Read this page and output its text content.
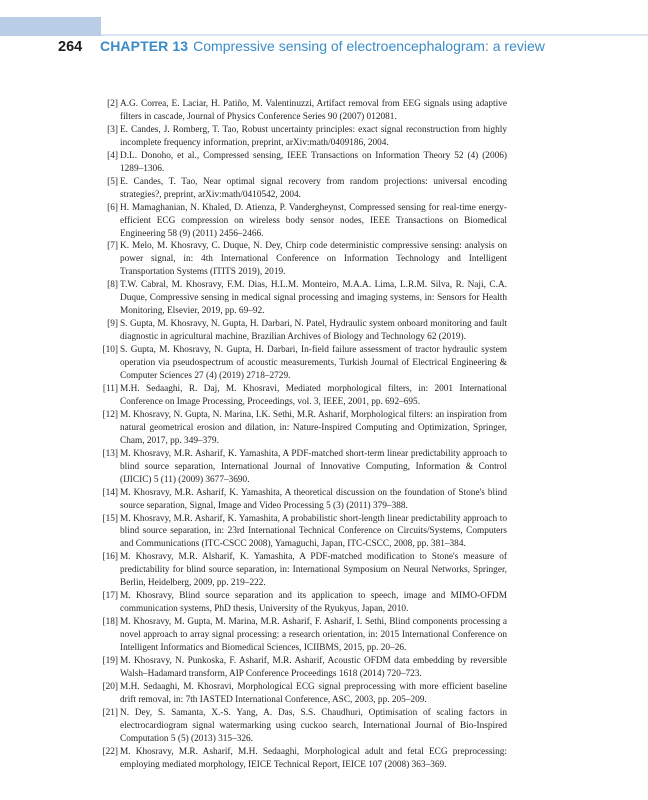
264 CHAPTER 13 Compressive sensing of electroencephalogram: a review
[2] A.G. Correa, E. Laciar, H. Patiño, M. Valentinuzzi, Artifact removal from EEG signals using adaptive filters in cascade, Journal of Physics Conference Series 90 (2007) 012081.
[3] E. Candes, J. Romberg, T. Tao, Robust uncertainty principles: exact signal reconstruction from highly incomplete frequency information, preprint, arXiv:math/0409186, 2004.
[4] D.L. Donoho, et al., Compressed sensing, IEEE Transactions on Information Theory 52 (4) (2006) 1289–1306.
[5] E. Candes, T. Tao, Near optimal signal recovery from random projections: universal encoding strategies?, preprint, arXiv:math/0410542, 2004.
[6] H. Mamaghanian, N. Khaled, D. Atienza, P. Vandergheynst, Compressed sensing for real-time energy-efficient ECG compression on wireless body sensor nodes, IEEE Transactions on Biomedical Engineering 58 (9) (2011) 2456–2466.
[7] K. Melo, M. Khosravy, C. Duque, N. Dey, Chirp code deterministic compressive sensing: analysis on power signal, in: 4th International Conference on Information Technology and Intelligent Transportation Systems (ITITS 2019), 2019.
[8] T.W. Cabral, M. Khosravy, F.M. Dias, H.L.M. Monteiro, M.A.A. Lima, L.R.M. Silva, R. Naji, C.A. Duque, Compressive sensing in medical signal processing and imaging systems, in: Sensors for Health Monitoring, Elsevier, 2019, pp. 69–92.
[9] S. Gupta, M. Khosravy, N. Gupta, H. Darbari, N. Patel, Hydraulic system onboard monitoring and fault diagnostic in agricultural machine, Brazilian Archives of Biology and Technology 62 (2019).
[10] S. Gupta, M. Khosravy, N. Gupta, H. Darbari, In-field failure assessment of tractor hydraulic system operation via pseudospectrum of acoustic measurements, Turkish Journal of Electrical Engineering & Computer Sciences 27 (4) (2019) 2718–2729.
[11] M.H. Sedaaghi, R. Daj, M. Khosravi, Mediated morphological filters, in: 2001 International Conference on Image Processing, Proceedings, vol. 3, IEEE, 2001, pp. 692–695.
[12] M. Khosravy, N. Gupta, N. Marina, I.K. Sethi, M.R. Asharif, Morphological filters: an inspiration from natural geometrical erosion and dilation, in: Nature-Inspired Computing and Optimization, Springer, Cham, 2017, pp. 349–379.
[13] M. Khosravy, M.R. Asharif, K. Yamashita, A PDF-matched short-term linear predictability approach to blind source separation, International Journal of Innovative Computing, Information & Control (IJICIC) 5 (11) (2009) 3677–3690.
[14] M. Khosravy, M.R. Asharif, K. Yamashita, A theoretical discussion on the foundation of Stone's blind source separation, Signal, Image and Video Processing 5 (3) (2011) 379–388.
[15] M. Khosravy, M.R. Asharif, K. Yamashita, A probabilistic short-length linear predictability approach to blind source separation, in: 23rd International Technical Conference on Circuits/Systems, Computers and Communications (ITC-CSCC 2008), Yamaguchi, Japan, ITC-CSCC, 2008, pp. 381–384.
[16] M. Khosravy, M.R. Alsharif, K. Yamashita, A PDF-matched modification to Stone's measure of predictability for blind source separation, in: International Symposium on Neural Networks, Springer, Berlin, Heidelberg, 2009, pp. 219–222.
[17] M. Khosravy, Blind source separation and its application to speech, image and MIMO-OFDM communication systems, PhD thesis, University of the Ryukyus, Japan, 2010.
[18] M. Khosravy, M. Gupta, M. Marina, M.R. Asharif, F. Asharif, I. Sethi, Blind components processing a novel approach to array signal processing: a research orientation, in: 2015 International Conference on Intelligent Informatics and Biomedical Sciences, ICIIBMS, 2015, pp. 20–26.
[19] M. Khosravy, N. Punkoska, F. Asharif, M.R. Asharif, Acoustic OFDM data embedding by reversible Walsh–Hadamard transform, AIP Conference Proceedings 1618 (2014) 720–723.
[20] M.H. Sedaaghi, M. Khosravi, Morphological ECG signal preprocessing with more efficient baseline drift removal, in: 7th IASTED International Conference, ASC, 2003, pp. 205–209.
[21] N. Dey, S. Samanta, X.-S. Yang, A. Das, S.S. Chaudhuri, Optimisation of scaling factors in electrocardiogram signal watermarking using cuckoo search, International Journal of Bio-Inspired Computation 5 (5) (2013) 315–326.
[22] M. Khosravy, M.R. Asharif, M.H. Sedaaghi, Morphological adult and fetal ECG preprocessing: employing mediated morphology, IEICE Technical Report, IEICE 107 (2008) 363–369.
